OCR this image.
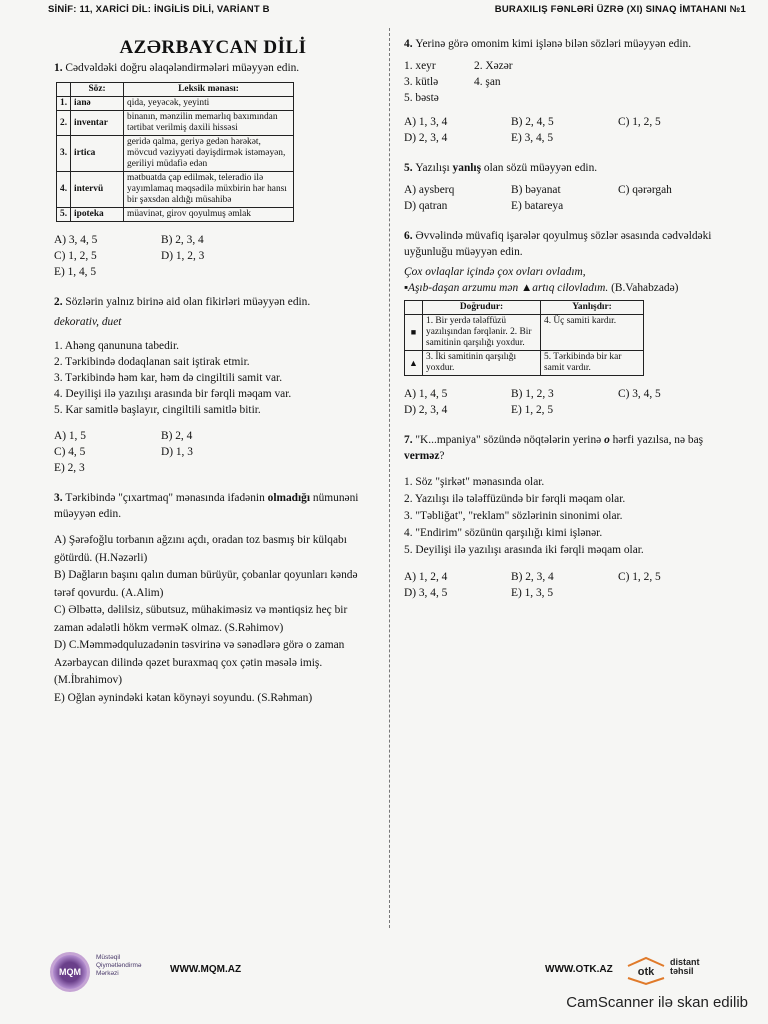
SİNİF: 11, XARİCİ DİL: İNGİLİS DİLİ, VARİANT B	BURAXILIŞ FƏNLƏRİ ÜZRƏ (XI) SINAQ İMTAHANI №1
AZƏRBAYCAN DİLİ
1. Cədvəldəki doğru əlaqələndirmələri müəyyən edin.
	Söz:	Leksik mənası:
1.	ianə	qida, yeyəcək, yeyinti
2.	inventar	binanın, mənzilin memarlıq baxımından tərtibat verilmiş daxili hissəsi
3.	irtica	geridə qalma, geriyə gedən hərəkət, mövcud vəziyyəti dəyişdirmək istəməyən, geriliyi müdafiə edən
4.	intervü	mətbuatda çap edilmək, teleradio ilə yayımlamaq məqsədilə müxbirin hər hansı bir şəxsdən aldığı müsahibə
5.	ipoteka	müavinət, girov qoyulmuş əmlak
A) 3, 4, 5	B) 2, 3, 4
C) 1, 2, 5	D) 1, 2, 3
E) 1, 4, 5
2. Sözlərin yalnız birinə aid olan fikirləri müəyyən edin.
dekorativ, duet
1. Ahəng qanununa tabedir.
2. Tərkibində dodaqlanan sait iştirak etmir.
3. Tərkibində həm kar, həm də cingiltili samit var.
4. Deyilişi ilə yazılışı arasında bir fərqli məqam var.
5. Kar samitlə başlayır, cingiltili samitlə bitir.
A) 1, 5	B) 2, 4
C) 4, 5	D) 1, 3
E) 2, 3
3. Tərkibində "çıxartmaq" mənasında ifadənin olmadığı nümunəni müəyyən edin.
A) Şərəfoğlu torbanın ağzını açdı, oradan toz basmış bir külqabı götürdü. (H.Nəzərli)
B) Dağların başını qalın duman bürüyür, çobanlar qoyunları kəndə tərəf qovurdu. (A.Alim)
C) Əlbəttə, dəlilsiz, sübutsuz, mühakiməsiz və məntiqsiz heç bir zaman ədalətli hökm verməK olmaz. (S.Rəhimov)
D) C.Məmmədquluzadənin təsvirinə və sənədlərə görə o zaman Azərbaycan dilində qəzet buraxmaq çox çətin məsələ imiş. (M.İbrahimov)
E) Oğlan əynindəki kətan köynəyi soyundu. (S.Rəhman)
4. Yerinə görə omonim kimi işlənə bilən sözləri müəyyən edin.
1. xeyr	2. Xəzər
3. kütlə	4. şan
5. bəstə
A) 1, 3, 4	B) 2, 4, 5	C) 1, 2, 5
D) 2, 3, 4	E) 3, 4, 5
5. Yazılışı yanlış olan sözü müəyyən edin.
A) aysberq	B) bəyanat	C) qərərgah
D) qatran	E) batareya
6. Əvvəlində müvafiq işarələr qoyulmuş sözlər əsasında cədvəldəki uyğunluğu müəyyən edin.
Çox ovlaqlar içində çox ovları ovladım,
▪Aşıb-daşan arzumu mən ▲artıq cilovladım. (B.Vahabzadə)
	Doğrudur:	Yanlışdır:
■	1. Bir yerdə tələffüzü yazılışından fərqlənir. 2. Bir samitinin qarşılığı yoxdur.	4. Üç samiti kardır.
▲	3. İki samitinin qarşılığı yoxdur.	5. Tərkibində bir kar samit vardır.
A) 1, 4, 5	B) 1, 2, 3	C) 3, 4, 5
D) 2, 3, 4	E) 1, 2, 5
7. "K...mpaniya" sözündə nöqtələrin yerinə o hərfi yazılsa, nə baş verməz?
1. Söz "şirkət" mənasında olar.
2. Yazılışı ilə tələffüzündə bir fərqli məqam olar.
3. "Təbliğat", "reklam" sözlərinin sinonimi olar.
4. "Endirim" sözünün qarşılığı kimi işlənər.
5. Deyilişi ilə yazılışı arasında iki fərqli məqam olar.
A) 1, 2, 4	B) 2, 3, 4	C) 1, 2, 5
D) 3, 4, 5	E) 1, 3, 5
MQM
Müstəqil
Qiymətləndirmə
Mərkəzi	WWW.MQM.AZ	WWW.OTK.AZ otk
distant
təhsil
CamScanner ilə skan edilib
